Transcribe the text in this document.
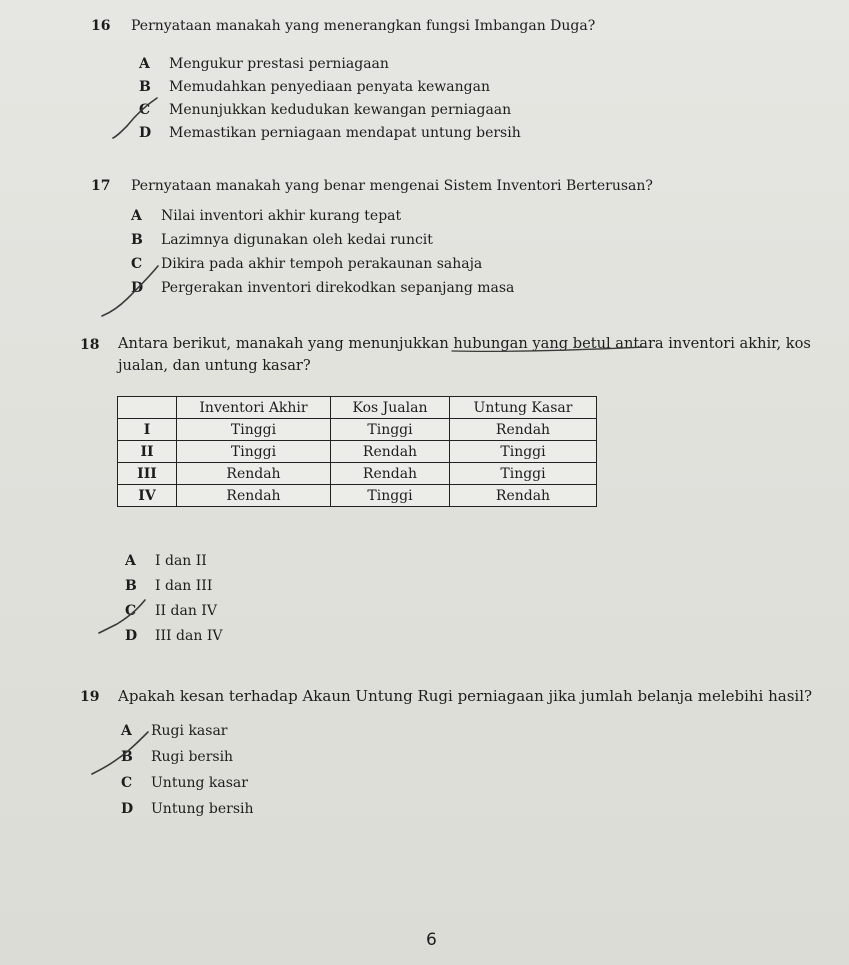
16 Pernyataan manakah yang menerangkan fungsi Imbangan Duga?
A Mengukur prestasi perniagaan
B Memudahkan penyediaan penyata kewangan
C Menunjukkan kedudukan kewangan perniagaan
D Memastikan perniagaan mendapat untung bersih
17 Pernyataan manakah yang benar mengenai Sistem Inventori Berterusan?
A Nilai inventori akhir kurang tepat
B Lazimnya digunakan oleh kedai runcit
C Dikira pada akhir tempoh perakaunan sahaja
D Pergerakan inventori direkodkan sepanjang masa
18 Antara berikut, manakah yang menunjukkan hubungan yang betul antara inventori akhir, kos
jualan, dan untung kasar?
	Inventori Akhir	Kos Jualan	Untung Kasar
I	Tinggi	Tinggi	Rendah
II	Tinggi	Rendah	Tinggi
III	Rendah	Rendah	Tinggi
IV	Rendah	Tinggi	Rendah
A I dan II
B I dan III
C II dan IV
D III dan IV
19 Apakah kesan terhadap Akaun Untung Rugi perniagaan jika jumlah belanja melebihi hasil?
A Rugi kasar
B Rugi bersih
C Untung kasar
D Untung bersih
6
